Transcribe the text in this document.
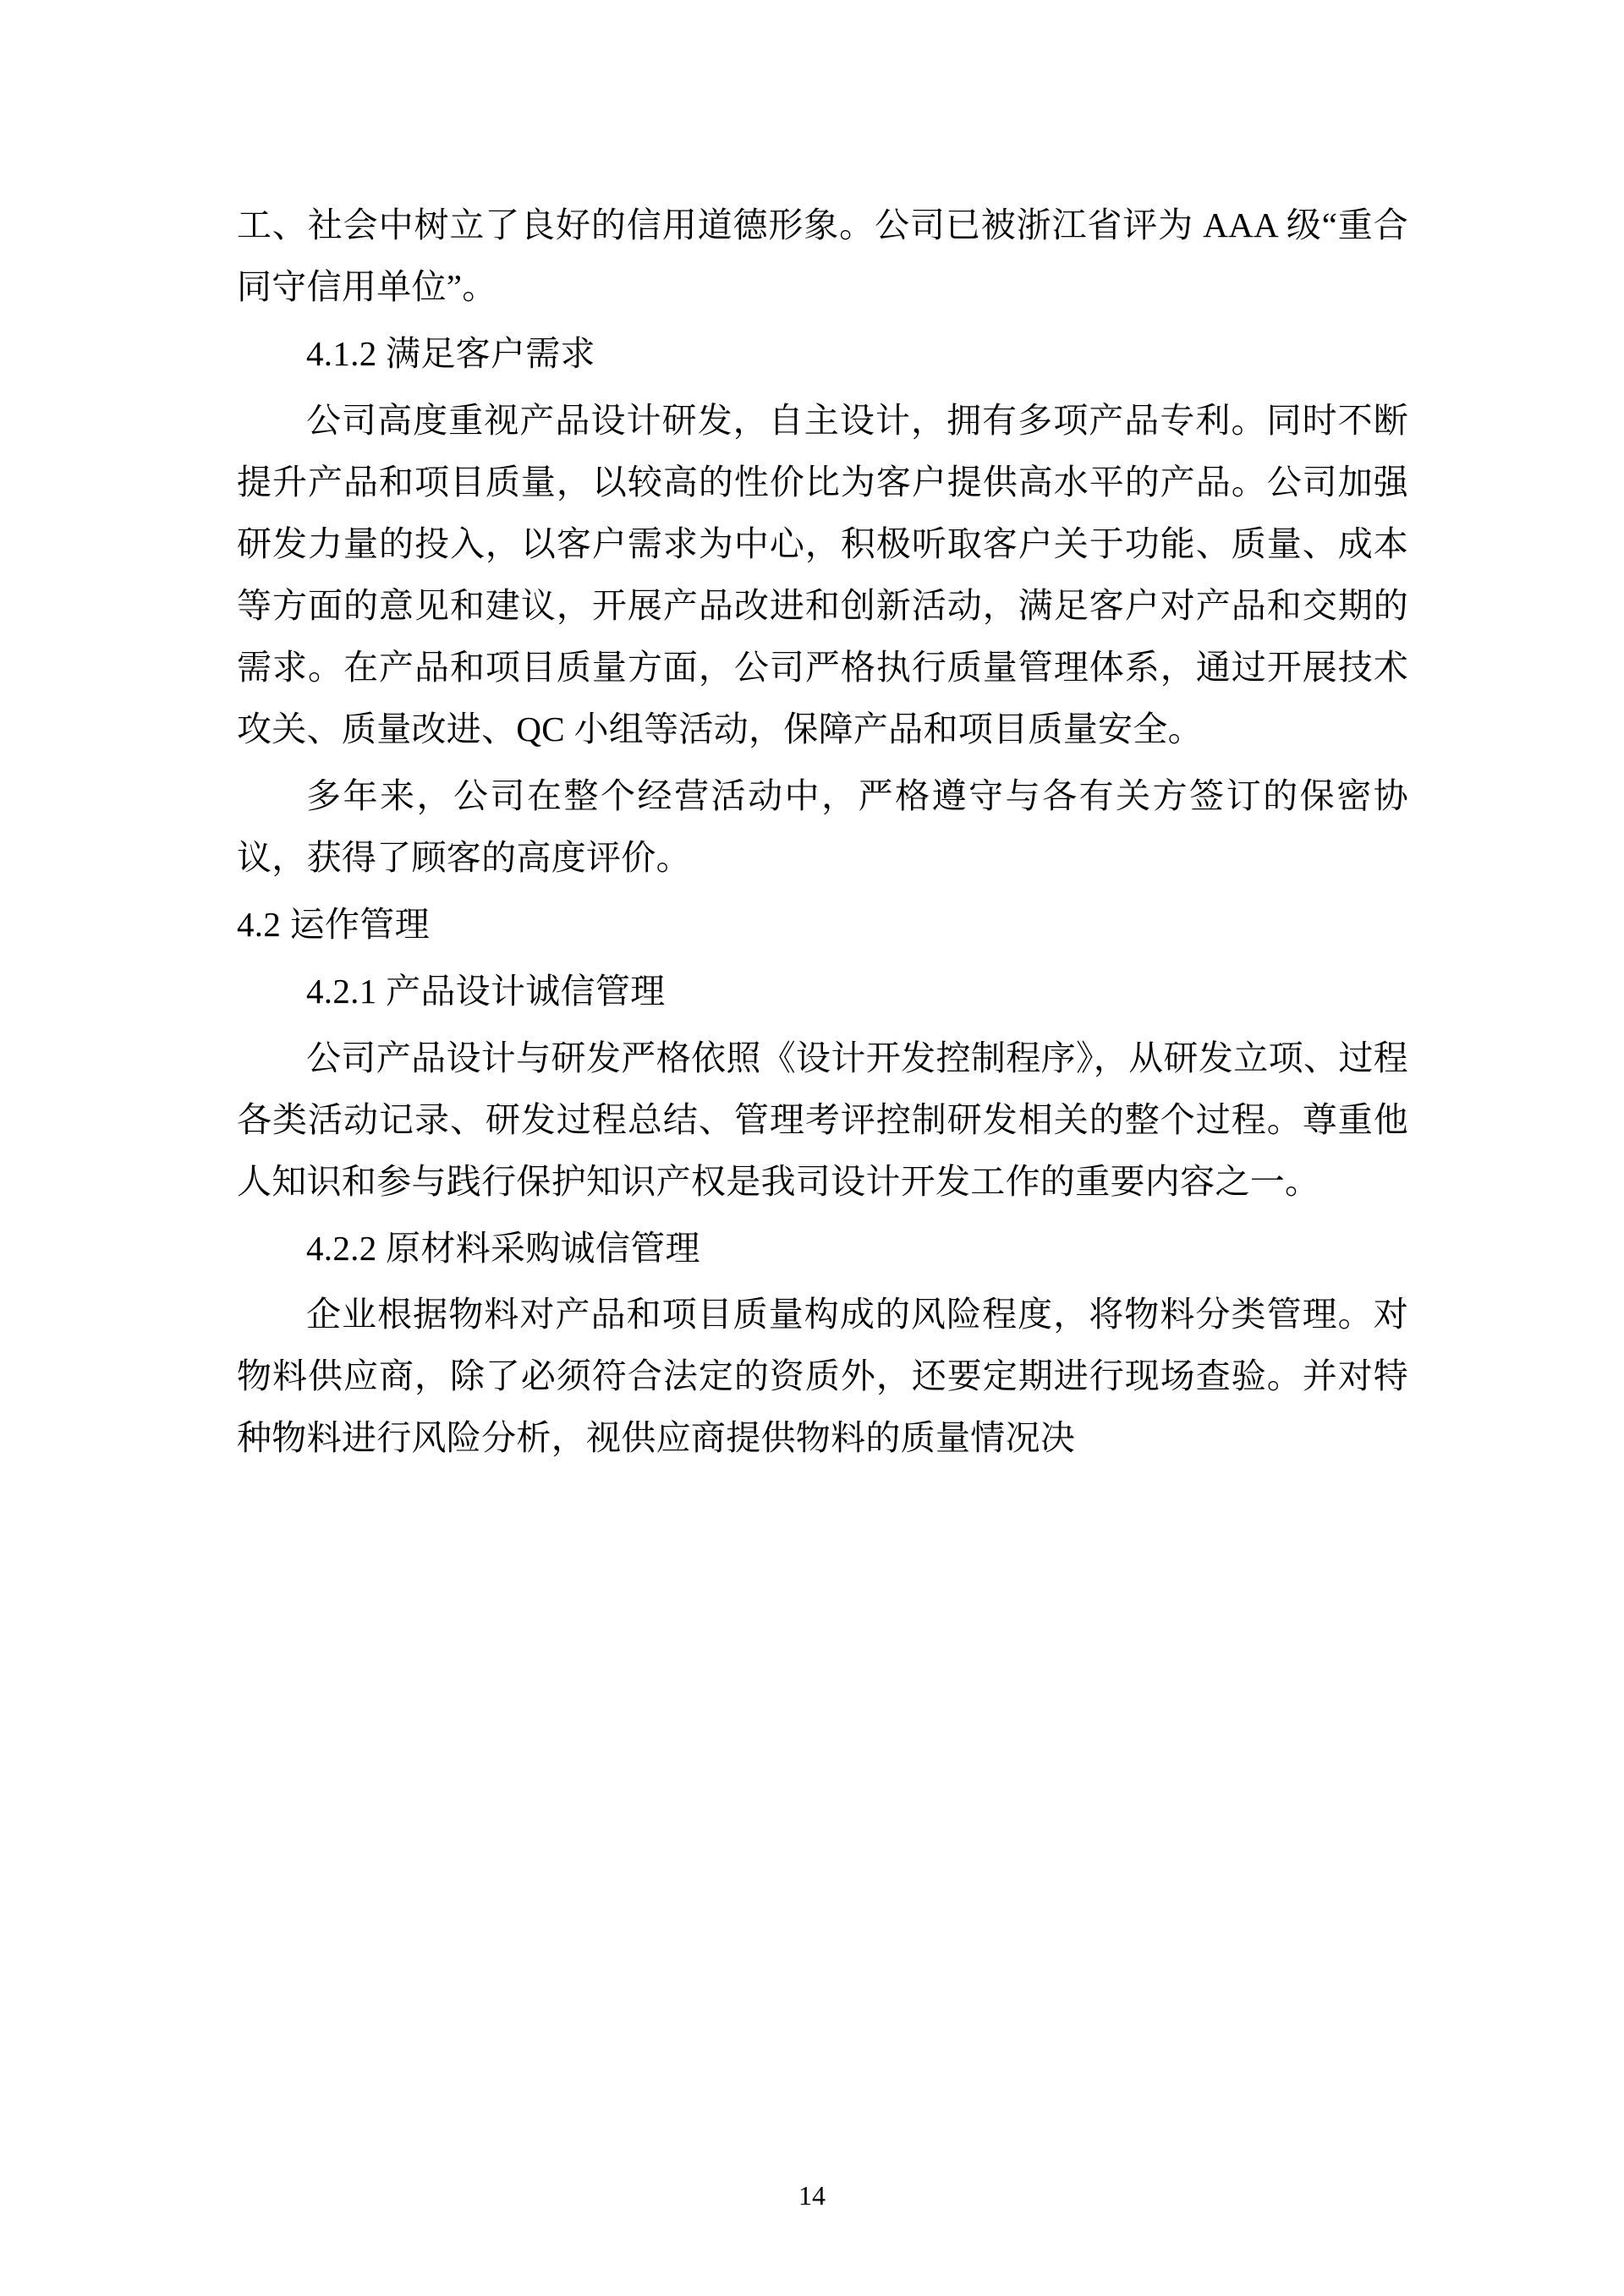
工、社会中树立了良好的信用道德形象。公司已被浙江省评为 AAA 级“重合同守信用单位”。

4.1.2 满足客户需求

公司高度重视产品设计研发，自主设计，拥有多项产品专利。同时不断提升产品和项目质量，以较高的性价比为客户提供高水平的产品。公司加强研发力量的投入，以客户需求为中心，积极听取客户关于功能、质量、成本等方面的意见和建议，开展产品改进和创新活动，满足客户对产品和交期的需求。在产品和项目质量方面，公司严格执行质量管理体系，通过开展技术攻关、质量改进、QC 小组等活动，保障产品和项目质量安全。

多年来，公司在整个经营活动中，严格遵守与各有关方签订的保密协议，获得了顾客的高度评价。

4.2 运作管理

4.2.1 产品设计诚信管理

公司产品设计与研发严格依照《设计开发控制程序》，从研发立项、过程各类活动记录、研发过程总结、管理考评控制研发相关的整个过程。尊重他人知识和参与践行保护知识产权是我司设计开发工作的重要内容之一。

4.2.2 原材料采购诚信管理

企业根据物料对产品和项目质量构成的风险程度，将物料分类管理。对物料供应商，除了必须符合法定的资质外，还要定期进行现场查验。并对特种物料进行风险分析，视供应商提供物料的质量情况决

14
